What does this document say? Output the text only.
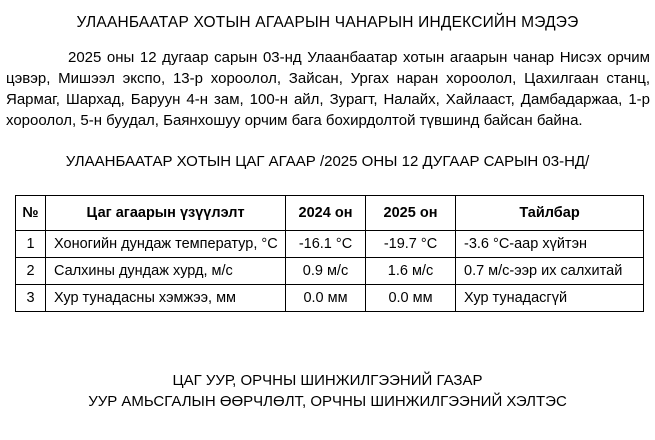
УЛААНБААТАР ХОТЫН АГААРЫН ЧАНАРЫН ИНДЕКСИЙН МЭДЭЭ

2025 оны 12 дугаар сарын 03-нд Улаанбаатар хотын агаарын чанар Нисэх орчим цэвэр, Мишээл экспо, 13-р хороолол, Зайсан, Ургах наран хороолол, Цахилгаан станц, Яармаг, Шархад, Баруун 4-н зам, 100-н айл, Зурагт, Налайх, Хайлааст, Дамбадаржаа, 1-р хороолол, 5-н буудал, Баянхошуу орчим бага бохирдолтой түвшинд байсан байна.

УЛААНБААТАР ХОТЫН ЦАГ АГААР /2025 ОНЫ 12 ДУГААР САРЫН 03-НД/
№	Цаг агаарын үзүүлэлт	2024 он	2025 он	Тайлбар
1	Хоногийн дундаж температур, °С	-16.1 °С	-19.7 °С	-3.6 °С-аар хүйтэн
2	Салхины дундаж хурд, м/с	0.9 м/с	1.6 м/с	0.7 м/с-ээр их салхитай
3	Хур тунадасны хэмжээ, мм	0.0 мм	0.0 мм	Хур тунадасгүй
ЦАГ УУР, ОРЧНЫ ШИНЖИЛГЭЭНИЙ ГАЗАР
УУР АМЬСГАЛЫН ӨӨРЧЛӨЛТ, ОРЧНЫ ШИНЖИЛГЭЭНИЙ ХЭЛТЭС
